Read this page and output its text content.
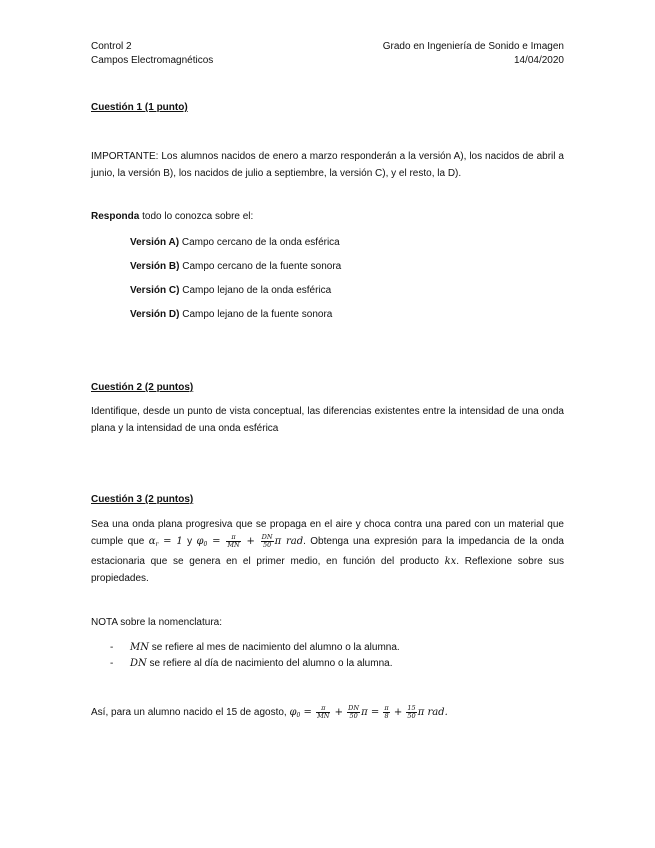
Control 2
Campos Electromagnéticos
Grado en Ingeniería de Sonido e Imagen
14/04/2020
Cuestión 1 (1 punto)
IMPORTANTE: Los alumnos nacidos de enero a marzo responderán a la versión A), los nacidos de abril a junio, la versión B), los nacidos de julio a septiembre, la versión C), y el resto, la D).
Responda todo lo conozca sobre el:
Versión A) Campo cercano de la onda esférica
Versión B) Campo cercano de la fuente sonora
Versión C) Campo lejano de la onda esférica
Versión D) Campo lejano de la fuente sonora
Cuestión 2 (2 puntos)
Identifique, desde un punto de vista conceptual, las diferencias existentes entre la intensidad de una onda plana y la intensidad de una onda esférica
Cuestión 3 (2 puntos)
Sea una onda plana progresiva que se propaga en el aire y choca contra una pared con un material que cumple que $\alpha_r = 1$ y $\varphi_0 = \frac{\pi}{MN} + \frac{DN}{50}$ π rad. Obtenga una expresión para la impedancia de la onda estacionaria que se genera en el primer medio, en función del producto kx. Reflexione sobre sus propiedades.
NOTA sobre la nomenclatura:
- MN se refiere al mes de nacimiento del alumno o la alumna.
- DN se refiere al día de nacimiento del alumno o la alumna.
Así, para un alumno nacido el 15 de agosto, $\varphi_0 = \frac{\pi}{MN} + \frac{DN}{50}$ $\pi = \frac{\pi}{8} + \frac{15}{50}$ π rad.
